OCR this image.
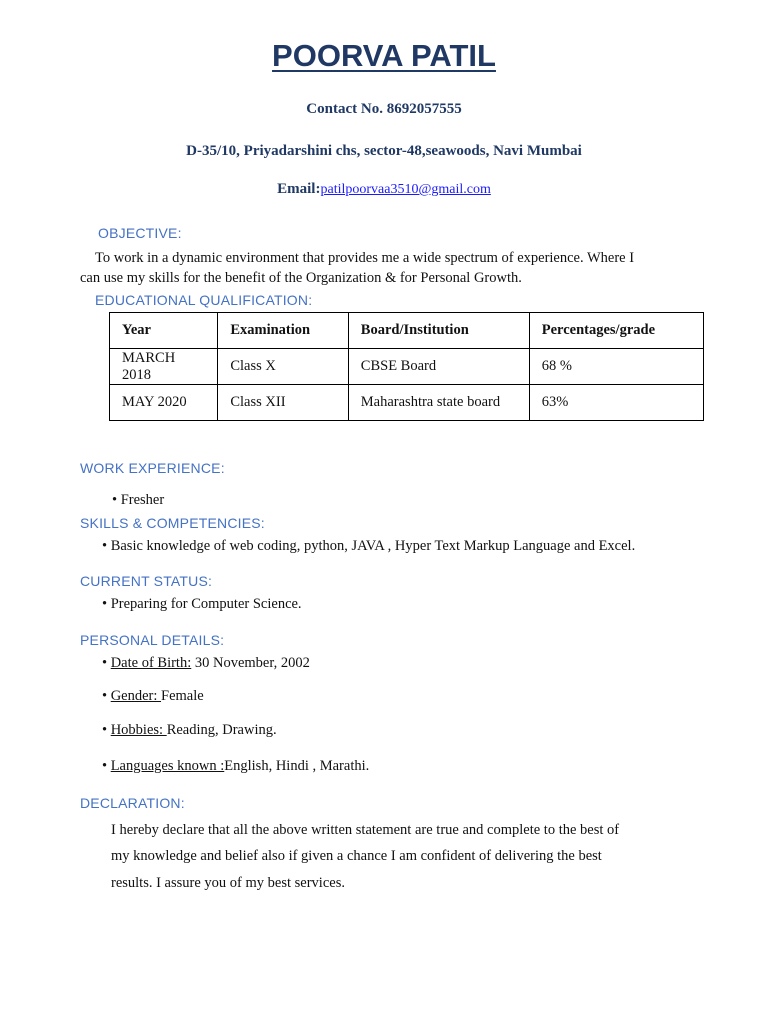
POORVA PATIL
Contact No. 8692057555
D-35/10, Priyadarshini chs, sector-48,seawoods, Navi Mumbai
Email:patilpoorvaa3510@gmail.com
OBJECTIVE:
To work in a dynamic environment that provides me a wide spectrum of experience. Where I
can use my skills for the benefit of the Organization & for Personal Growth.
EDUCATIONAL QUALIFICATION:
Year	Examination	Board/Institution	Percentages/grade
MARCH 2018	Class X	CBSE Board	68 %
MAY 2020	Class XII	Maharashtra state board	63%
WORK EXPERIENCE:
• Fresher
SKILLS & COMPETENCIES:
• Basic knowledge of web coding, python, JAVA , Hyper Text Markup Language and Excel.
CURRENT STATUS:
• Preparing for Computer Science.
PERSONAL DETAILS:
• Date of Birth: 30 November, 2002
• Gender: Female
• Hobbies: Reading, Drawing.
• Languages known :English, Hindi , Marathi.
DECLARATION:
I hereby declare that all the above written statement are true and complete to the best of
my knowledge and belief also if given a chance I am confident of delivering the best
results. I assure you of my best services.
